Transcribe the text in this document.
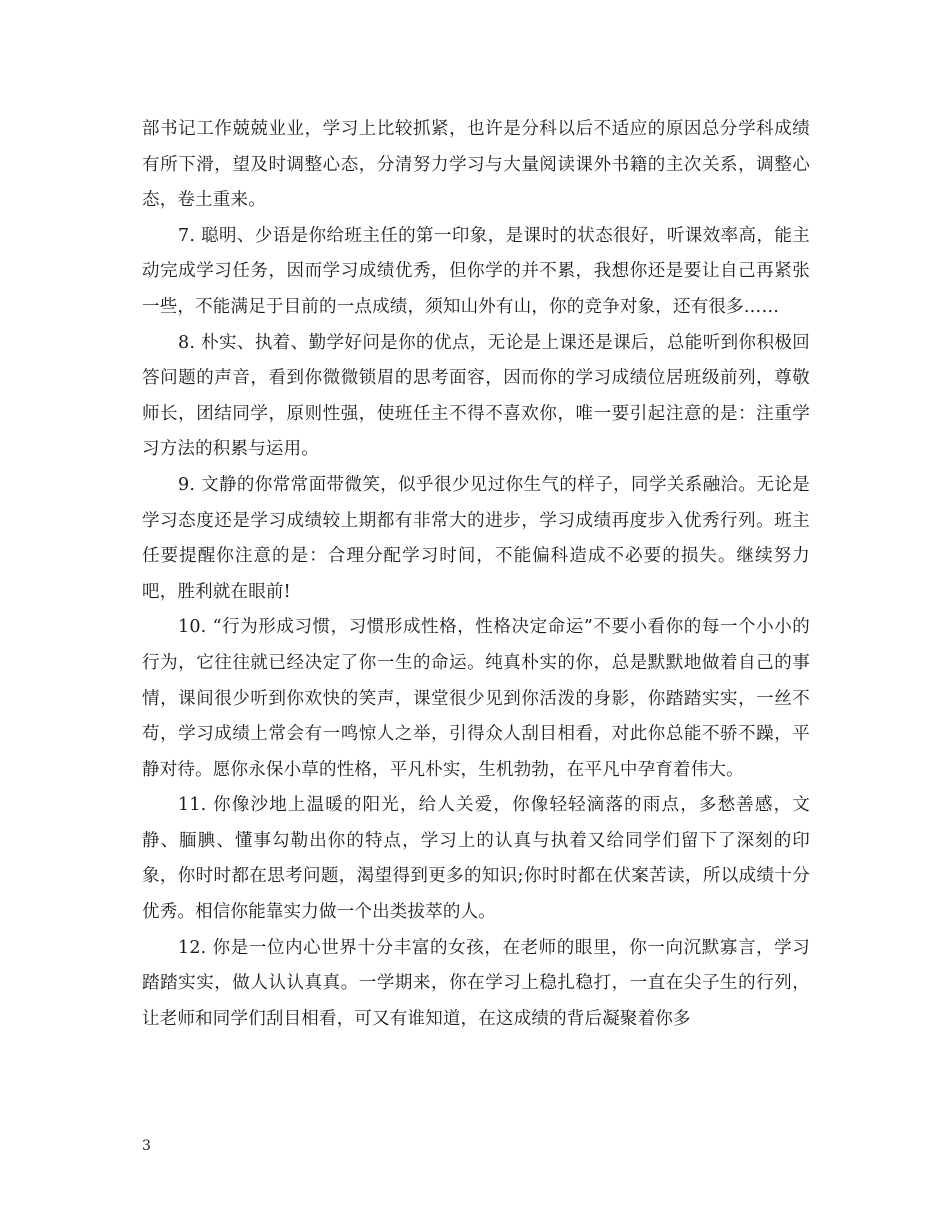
部书记工作兢兢业业，学习上比较抓紧，也许是分科以后不适应的原因总分学科成绩有所下滑，望及时调整心态，分清努力学习与大量阅读课外书籍的主次关系，调整心态，卷土重来。

7. 聪明、少语是你给班主任的第一印象，是课时的状态很好，听课效率高，能主动完成学习任务，因而学习成绩优秀，但你学的并不累，我想你还是要让自己再紧张一些，不能满足于目前的一点成绩，须知山外有山，你的竞争对象，还有很多……

8. 朴实、执着、勤学好问是你的优点，无论是上课还是课后，总能听到你积极回答问题的声音，看到你微微锁眉的思考面容，因而你的学习成绩位居班级前列，尊敬师长，团结同学，原则性强，使班任主不得不喜欢你，唯一要引起注意的是：注重学习方法的积累与运用。

9. 文静的你常常面带微笑，似乎很少见过你生气的样子，同学关系融洽。无论是学习态度还是学习成绩较上期都有非常大的进步，学习成绩再度步入优秀行列。班主任要提醒你注意的是：合理分配学习时间，不能偏科造成不必要的损失。继续努力吧，胜利就在眼前!

10. “行为形成习惯，习惯形成性格，性格决定命运”不要小看你的每一个小小的行为，它往往就已经决定了你一生的命运。纯真朴实的你，总是默默地做着自己的事情，课间很少听到你欢快的笑声，课堂很少见到你活泼的身影，你踏踏实实，一丝不苟，学习成绩上常会有一鸣惊人之举，引得众人刮目相看，对此你总能不骄不躁，平静对待。愿你永保小草的性格，平凡朴实，生机勃勃，在平凡中孕育着伟大。

11. 你像沙地上温暖的阳光，给人关爱，你像轻轻滴落的雨点，多愁善感，文静、腼腆、懂事勾勒出你的特点，学习上的认真与执着又给同学们留下了深刻的印象，你时时都在思考问题，渴望得到更多的知识;你时时都在伏案苦读，所以成绩十分优秀。相信你能靠实力做一个出类拔萃的人。

12. 你是一位内心世界十分丰富的女孩，在老师的眼里，你一向沉默寡言，学习踏踏实实，做人认认真真。一学期来，你在学习上稳扎稳打，一直在尖子生的行列，让老师和同学们刮目相看，可又有谁知道，在这成绩的背后凝聚着你多

3
